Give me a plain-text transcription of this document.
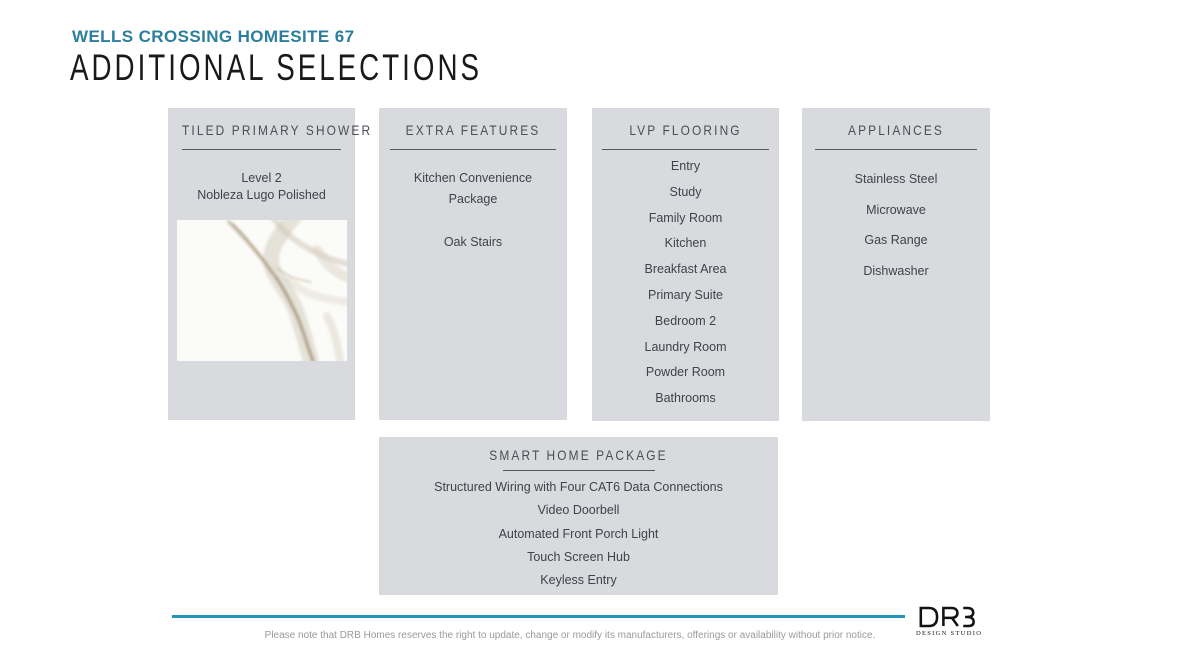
WELLS CROSSING HOMESITE 67
ADDITIONAL SELECTIONS
TILED PRIMARY SHOWER
Level 2
Nobleza Lugo Polished
EXTRA FEATURES
Kitchen Convenience Package
Oak Stairs
LVP FLOORING
Entry
Study
Family Room
Kitchen
Breakfast Area
Primary Suite
Bedroom 2
Laundry Room
Powder Room
Bathrooms
APPLIANCES
Stainless Steel
Microwave
Gas Range
Dishwasher
SMART HOME PACKAGE
Structured Wiring with Four CAT6 Data Connections
Video Doorbell
Automated Front Porch Light
Touch Screen Hub
Keyless Entry
Please note that DRB Homes reserves the right to update, change or modify its manufacturers, offerings or availability without prior notice.	DESIGN STUDIO
